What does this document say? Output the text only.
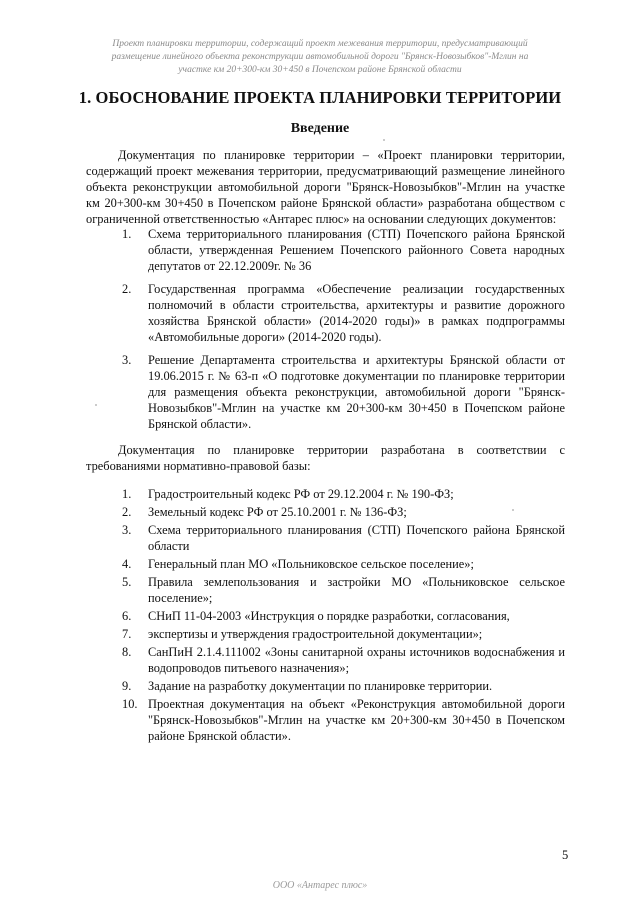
Проект планировки территории, содержащий проект межевания территории, предусматривающий
размещение линейного объекта реконструкции автомобильной дороги "Брянск-Новозыбков"-Мглин на
участке км 20+300-км 30+450 в Почепском районе Брянской области
1. ОБОСНОВАНИЕ ПРОЕКТА ПЛАНИРОВКИ ТЕРРИТОРИИ
Введение
Документация по планировке территории – «Проект планировки территории, содержащий проект межевания территории, предусматривающий размещение линейного объекта реконструкции автомобильной дороги "Брянск-Новозыбков"-Мглин на участке км 20+300-км 30+450 в Почепском районе Брянской области» разработана обществом с ограниченной ответственностью «Антарес плюс» на основании следующих документов:
1. Схема территориального планирования (СТП) Почепского района Брянской области, утвержденная Решением Почепского районного Совета народных депутатов от 22.12.2009г. № 36
2. Государственная программа «Обеспечение реализации государственных полномочий в области строительства, архитектуры и развитие дорожного хозяйства Брянской области» (2014-2020 годы)» в рамках подпрограммы «Автомобильные дороги» (2014-2020 годы).
3. Решение Департамента строительства и архитектуры Брянской области от 19.06.2015 г. № 63-п «О подготовке документации по планировке территории для размещения объекта реконструкции, автомобильной дороги "Брянск-Новозыбков"-Мглин на участке км 20+300-км 30+450 в Почепском районе Брянской области».
Документация по планировке территории разработана в соответствии с требованиями нормативно-правовой базы:
1. Градостроительный кодекс РФ от 29.12.2004 г. № 190-ФЗ;
2. Земельный кодекс РФ от 25.10.2001 г. № 136-ФЗ;
3. Схема территориального планирования (СТП) Почепского района Брянской области
4. Генеральный план МО «Польниковское сельское поселение»;
5. Правила землепользования и застройки МО «Польниковское сельское поселение»;
6. СНиП 11-04-2003 «Инструкция о порядке разработки, согласования,
7. экспертизы и утверждения градостроительной документации»;
8. СанПиН 2.1.4.111002 «Зоны санитарной охраны источников водоснабжения и водопроводов питьевого назначения»;
9. Задание на разработку документации по планировке территории.
10. Проектная документация на объект «Реконструкция автомобильной дороги "Брянск-Новозыбков"-Мглин на участке км 20+300-км 30+450 в Почепском районе Брянской области».
5
ООО «Антарес плюс»
